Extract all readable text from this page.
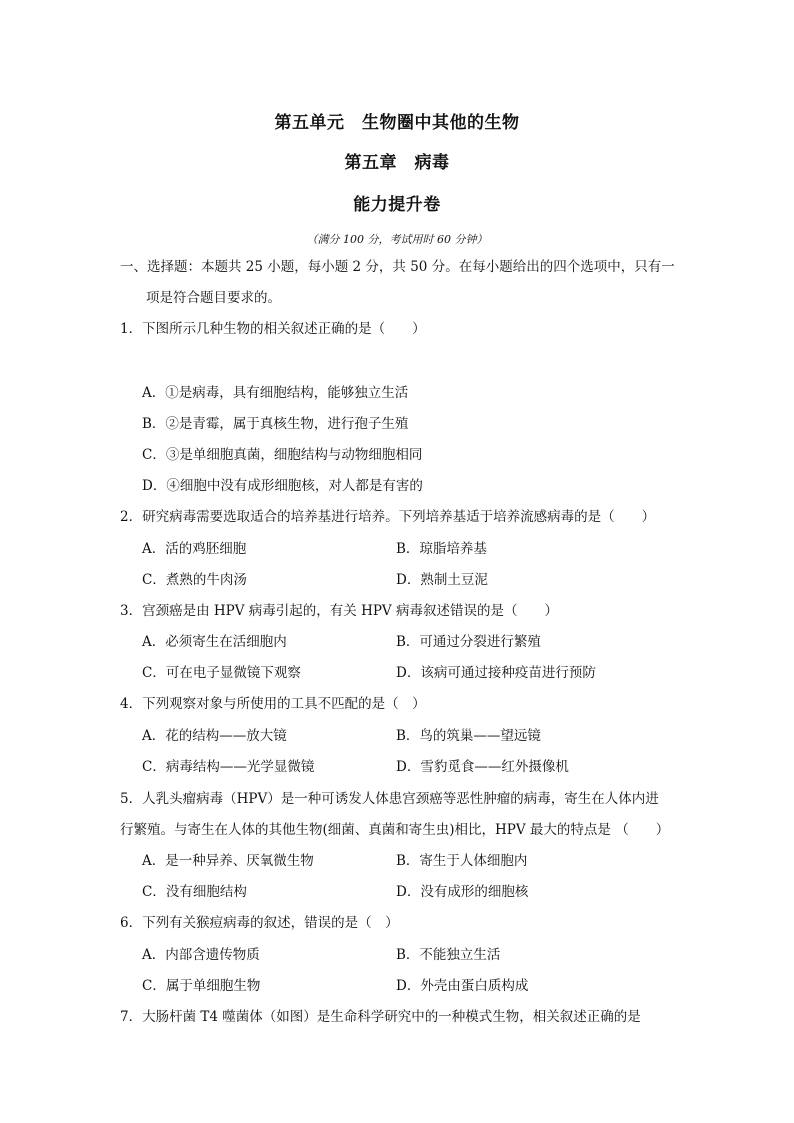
第五单元　生物圈中其他的生物
第五章　病毒
能力提升卷
（满分 100 分，考试用时 60 分钟）
一、选择题：本题共 25 小题，每小题 2 分，共 50 分。在每小题给出的四个选项中，只有一
项是符合题目要求的。
1．下图所示几种生物的相关叙述正确的是（　　）
A．①是病毒，具有细胞结构，能够独立生活
B．②是青霉，属于真核生物，进行孢子生殖
C．③是单细胞真菌，细胞结构与动物细胞相同
D．④细胞中没有成形细胞核，对人都是有害的
2．研究病毒需要选取适合的培养基进行培养。下列培养基适于培养流感病毒的是（　　）
A．活的鸡胚细胞	B．琼脂培养基
C．煮熟的牛肉汤	D．熟制土豆泥
3．宫颈癌是由 HPV 病毒引起的，有关 HPV 病毒叙述错误的是（　　）
A．必须寄生在活细胞内	B．可通过分裂进行繁殖
C．可在电子显微镜下观察	D．该病可通过接种疫苗进行预防
4．下列观察对象与所使用的工具不匹配的是（　）
A．花的结构——放大镜	B．鸟的筑巢——望远镜
C．病毒结构——光学显微镜	D．雪豹觅食——红外摄像机
5．人乳头瘤病毒（HPV）是一种可诱发人体患宫颈癌等恶性肿瘤的病毒，寄生在人体内进
行繁殖。与寄生在人体的其他生物(细菌、真菌和寄生虫)相比，HPV 最大的特点是 （　　）
A．是一种异养、厌氧微生物	B．寄生于人体细胞内
C．没有细胞结构	D．没有成形的细胞核
6．下列有关猴痘病毒的叙述，错误的是（　）
A．内部含遗传物质	B．不能独立生活
C．属于单细胞生物	D．外壳由蛋白质构成
7．大肠杆菌 T4 噬菌体（如图）是生命科学研究中的一种模式生物，相关叙述正确的是
